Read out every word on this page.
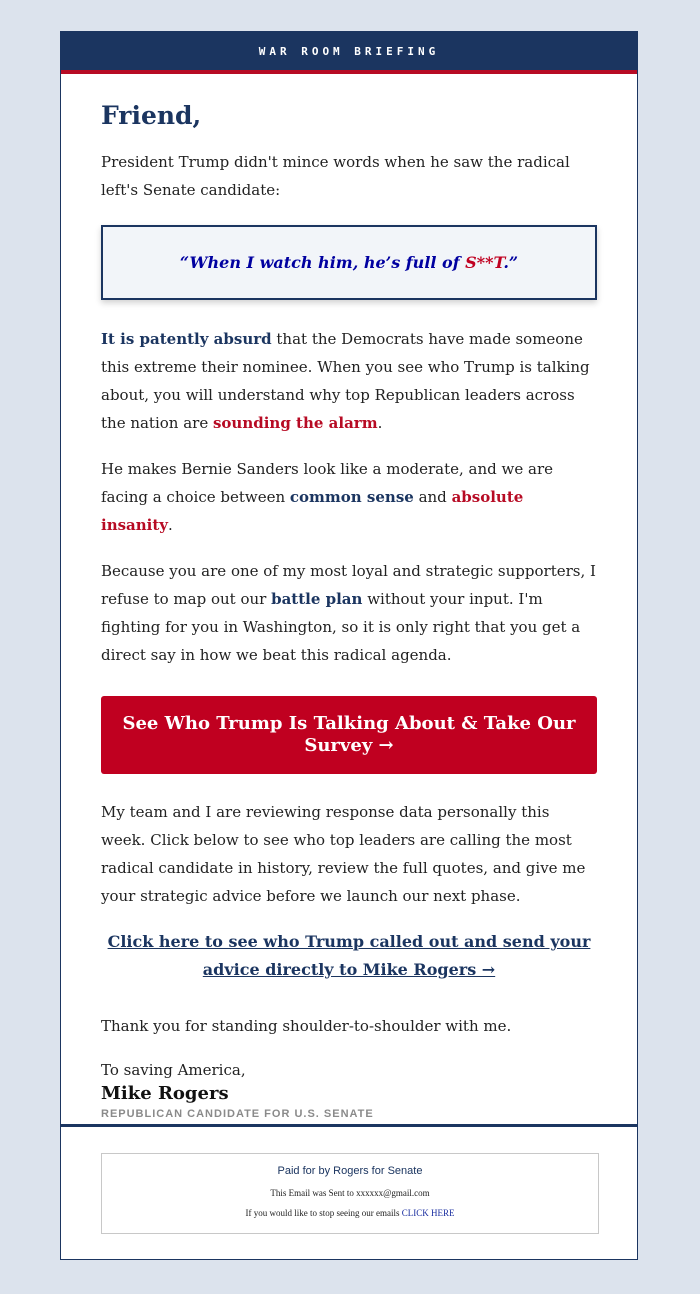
WAR ROOM BRIEFING
Friend,

President Trump didn't mince words when he saw the radical left's Senate candidate:

“When I watch him, he’s full of S**T.”

It is patently absurd that the Democrats have made someone this extreme their nominee. When you see who Trump is talking about, you will understand why top Republican leaders across the nation are sounding the alarm.

He makes Bernie Sanders look like a moderate, and we are facing a choice between common sense and absolute insanity.

Because you are one of my most loyal and strategic supporters, I refuse to map out our battle plan without your input. I'm fighting for you in Washington, so it is only right that you get a direct say in how we beat this radical agenda.

See Who Trump Is Talking About & Take Our Survey →

My team and I are reviewing response data personally this week. Click below to see who top leaders are calling the most radical candidate in history, review the full quotes, and give me your strategic advice before we launch our next phase.

Click here to see who Trump called out and send your advice directly to Mike Rogers →

Thank you for standing shoulder-to-shoulder with me.

To saving America,
Mike Rogers
REPUBLICAN CANDIDATE FOR U.S. SENATE
Paid for by Rogers for Senate
This Email was Sent to xxxxxx@gmail.com
If you would like to stop seeing our emails CLICK HERE
